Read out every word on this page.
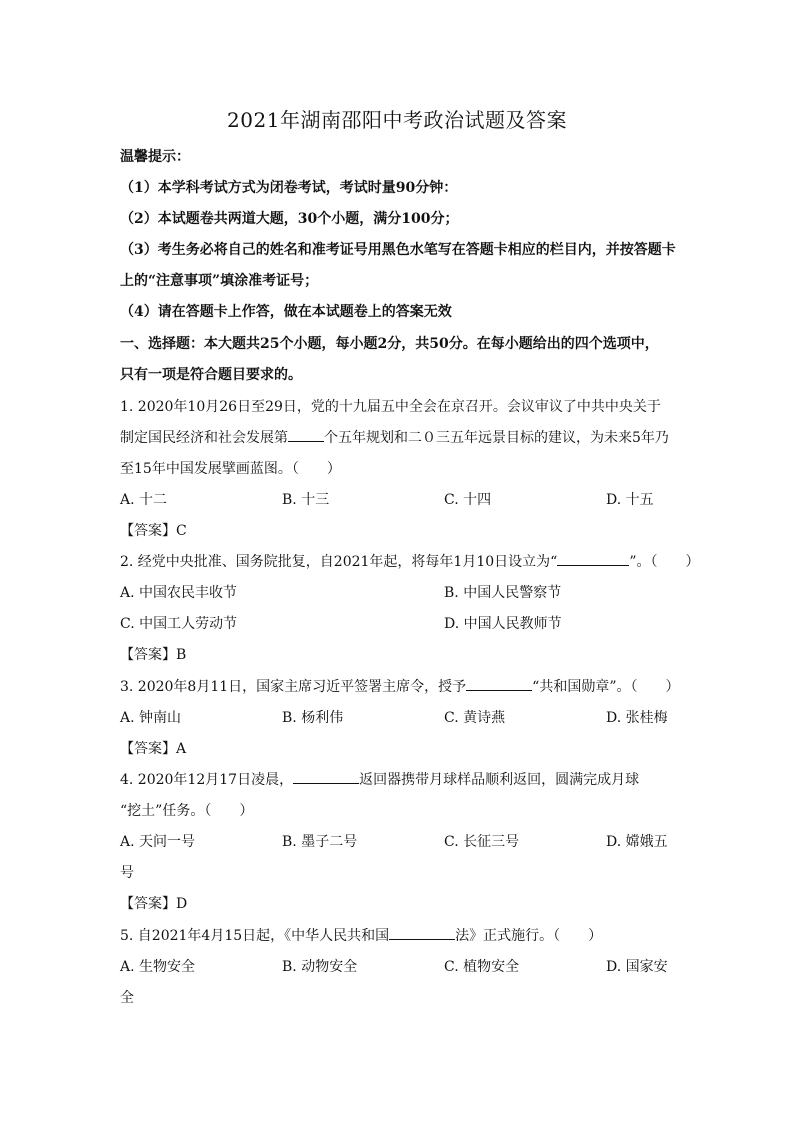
2021年湖南邵阳中考政治试题及答案
温馨提示：
（1）本学科考试方式为闭卷考试，考试时量90分钟：
（2）本试题卷共两道大题，30个小题，满分100分；
（3）考生务必将自己的姓名和准考证号用黑色水笔写在答题卡相应的栏目内，并按答题卡
上的“注意事项”填涂准考证号；
（4）请在答题卡上作答，做在本试题卷上的答案无效
一、选择题：本大题共25个小题，每小题2分，共50分。在每小题给出的四个选项中，
只有一项是符合题目要求的。
1. 2020年10月26日至29日，党的十九届五中全会在京召开。会议审议了中共中央关于
制定国民经济和社会发展第	个五年规划和二０三五年远景目标的建议，为未来5年乃
至15年中国发展擘画蓝图。（　　）
A. 十二	B. 十三	C. 十四	D. 十五
【答案】C
2. 经党中央批准、国务院批复，自2021年起，将每年1月10日设立为“	”。（　　）
A. 中国农民丰收节	B. 中国人民警察节
C. 中国工人劳动节	D. 中国人民教师节
【答案】B
3. 2020年8月11日，国家主席习近平签署主席令，授予	“共和国勋章”。（　　）
A. 钟南山	B. 杨利伟	C. 黄诗燕	D. 张桂梅
【答案】A
4. 2020年12月17日凌晨，	返回器携带月球样品顺利返回，圆满完成月球
“挖土”任务。（　　）
A. 天问一号	B. 墨子二号	C. 长征三号	D. 嫦娥五
号
【答案】D
5. 自2021年4月15日起，《中华人民共和国	法》正式施行。（　　）
A. 生物安全	B. 动物安全	C. 植物安全	D. 国家安
全
